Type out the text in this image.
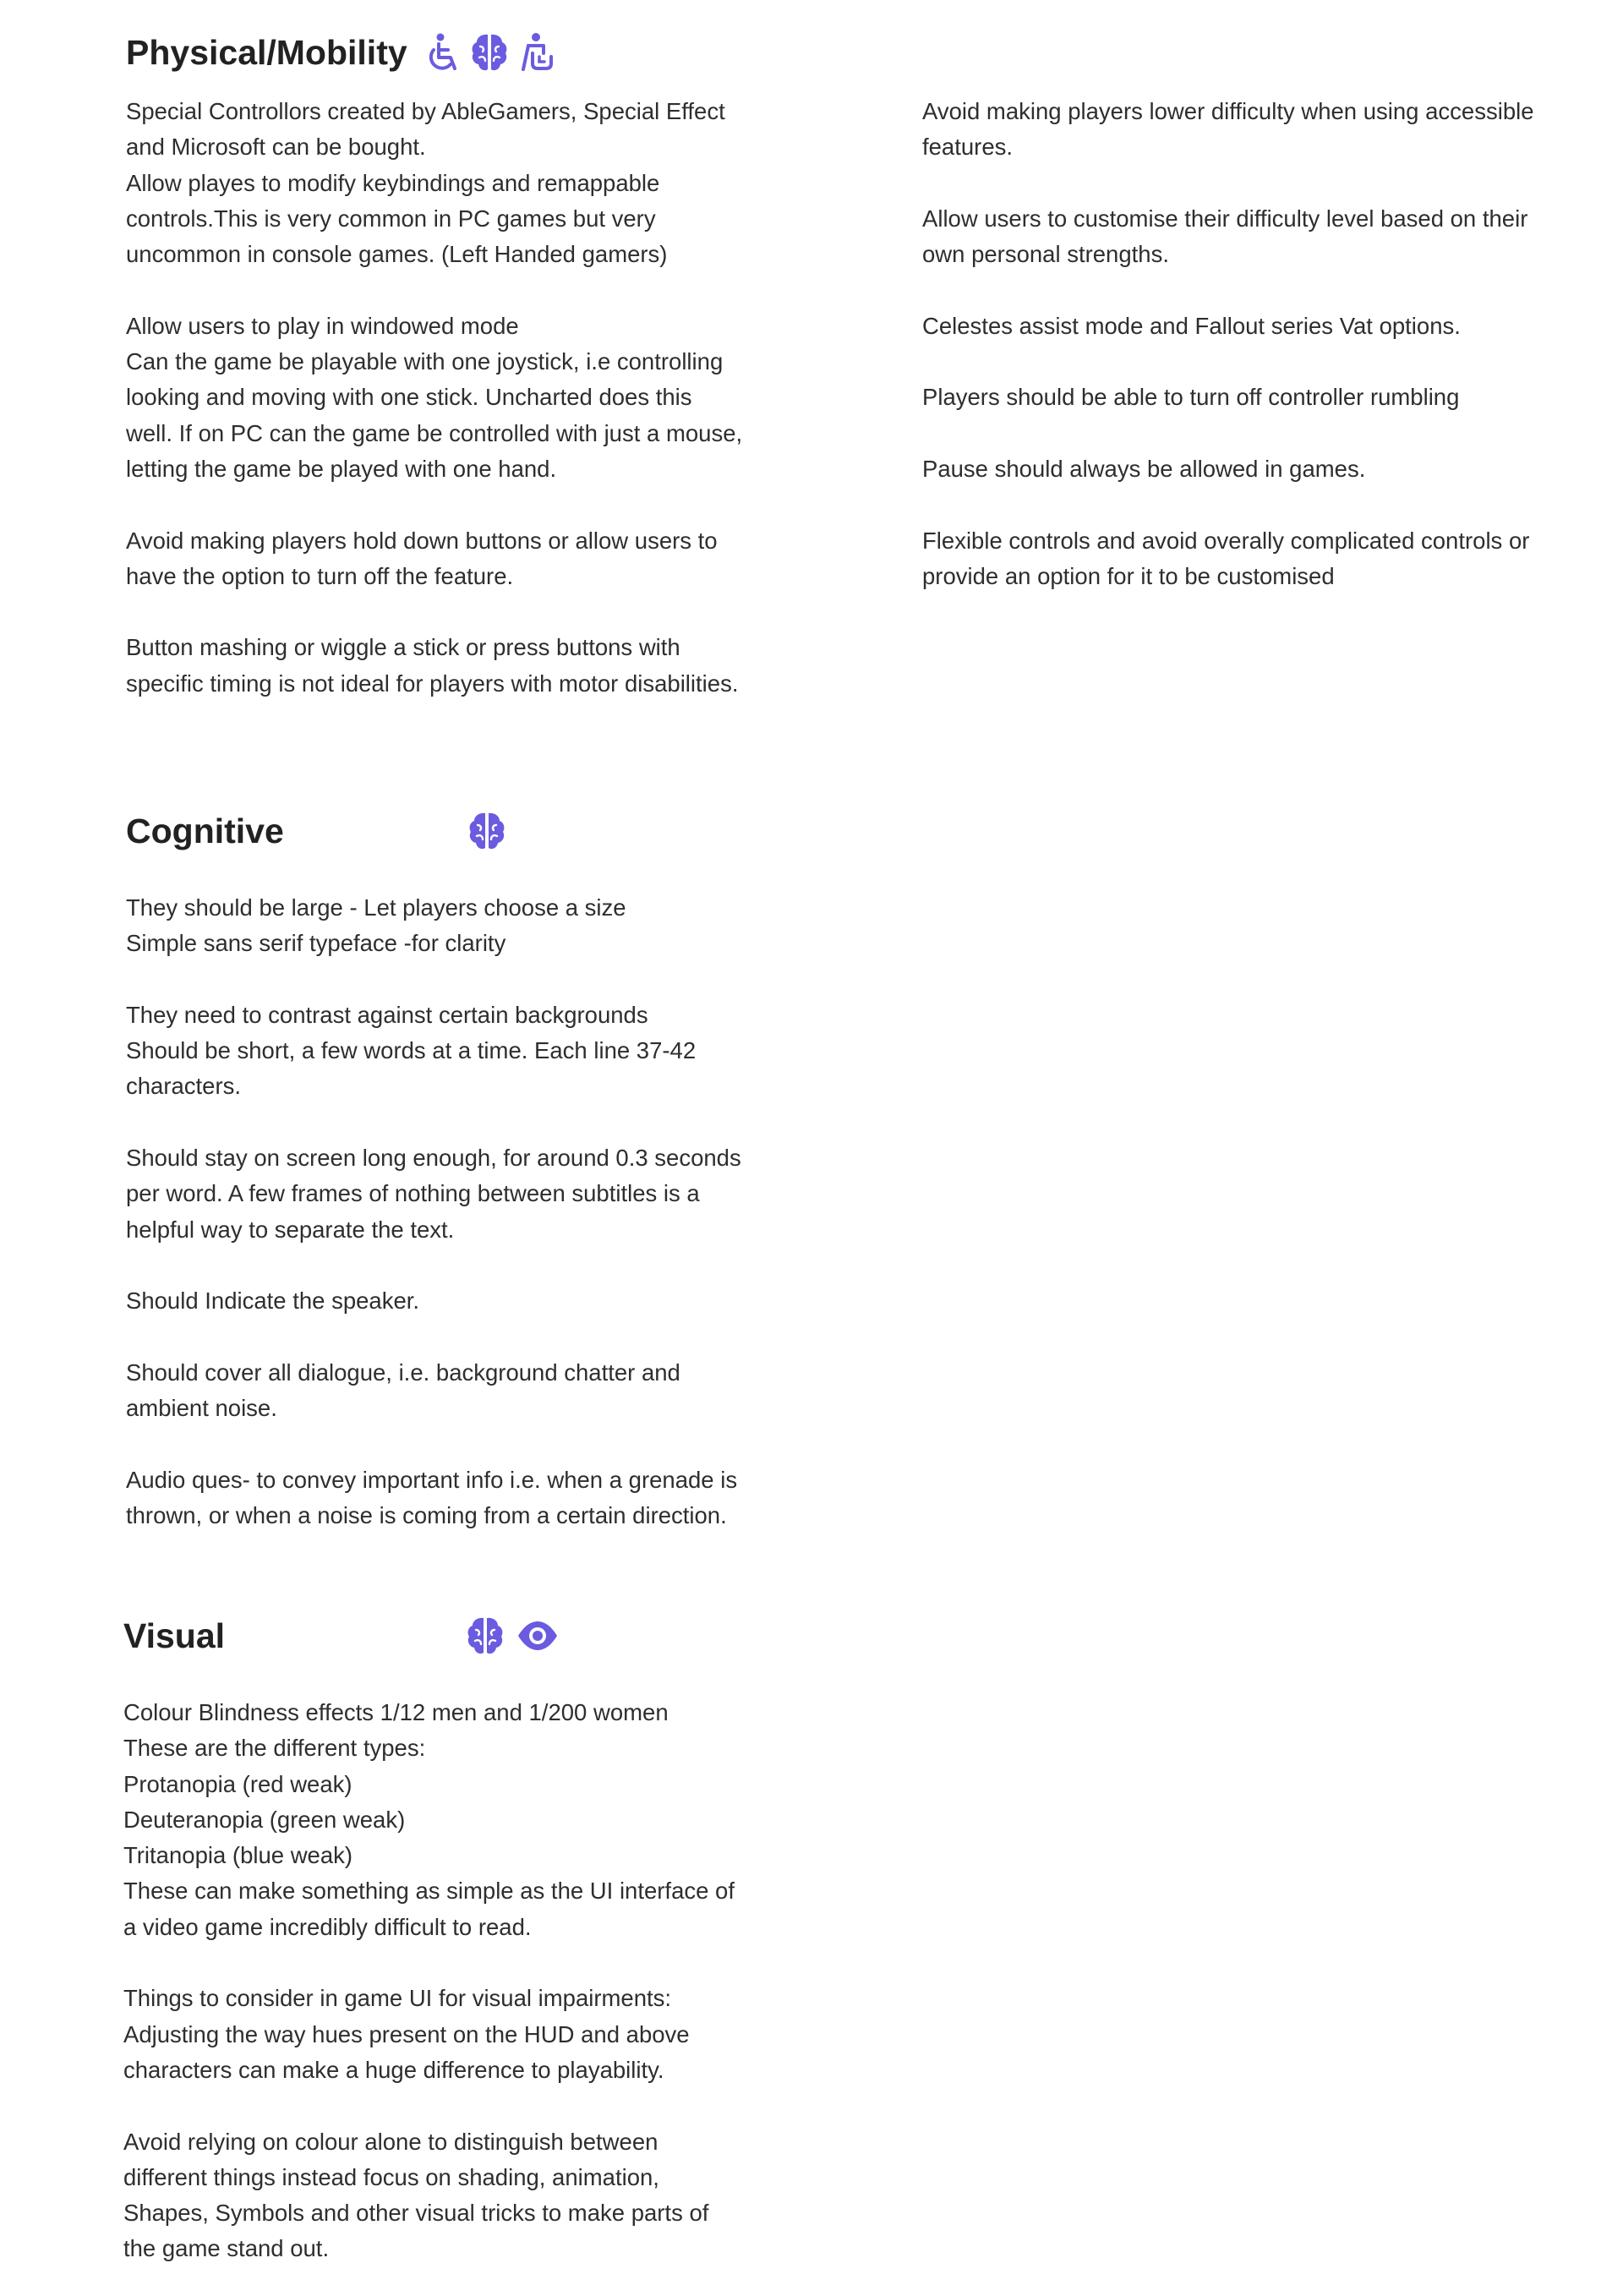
Physical/Mobility

Special Controllors created by AbleGamers, Special Effect
and Microsoft can be bought.
Allow playes to modify keybindings and remappable
controls.This is very common in PC games but very
uncommon in console games. (Left Handed gamers)

Allow users to play in windowed mode
Can the game be playable with one joystick, i.e controlling
looking and moving with one stick. Uncharted does this
well. If on PC can the game be controlled with just a mouse,
letting the game be played with one hand.

Avoid making players hold down buttons or allow users to
have the option to turn off the feature.

Button mashing or wiggle a stick or press buttons with
specific timing is not ideal for players with motor disabilities.

Avoid making players lower difficulty when using accessible
features.

Allow users to customise their difficulty level based on their
own personal strengths.

Celestes assist mode and Fallout series Vat options.

Players should be able to turn off controller rumbling

Pause should always be allowed in games.

Flexible controls and avoid overally complicated controls or
provide an option for it to be customised

Cognitive

They should be large - Let players choose a size
Simple sans serif typeface -for clarity

They need to contrast against certain backgrounds
Should be short, a few words at a time. Each line 37-42
characters.

Should stay on screen long enough, for around 0.3 seconds
per word. A few frames of nothing between subtitles is a
helpful way to separate the text.

Should Indicate the speaker.

Should cover all dialogue, i.e. background chatter and
ambient noise.

Audio ques- to convey important info i.e. when a grenade is
thrown, or when a noise is coming from a certain direction.

Visual

Colour Blindness effects 1/12 men and 1/200 women
These are the different types:
Protanopia (red weak)
Deuteranopia (green weak)
Tritanopia (blue weak)
These can make something as simple as the UI interface of
a video game incredibly difficult to read.

Things to consider in game UI for visual impairments:
Adjusting the way hues present on the HUD and above
characters can make a huge difference to playability.

Avoid relying on colour alone to distinguish between
different things instead focus on shading, animation,
Shapes, Symbols and other visual tricks to make parts of
the game stand out.
